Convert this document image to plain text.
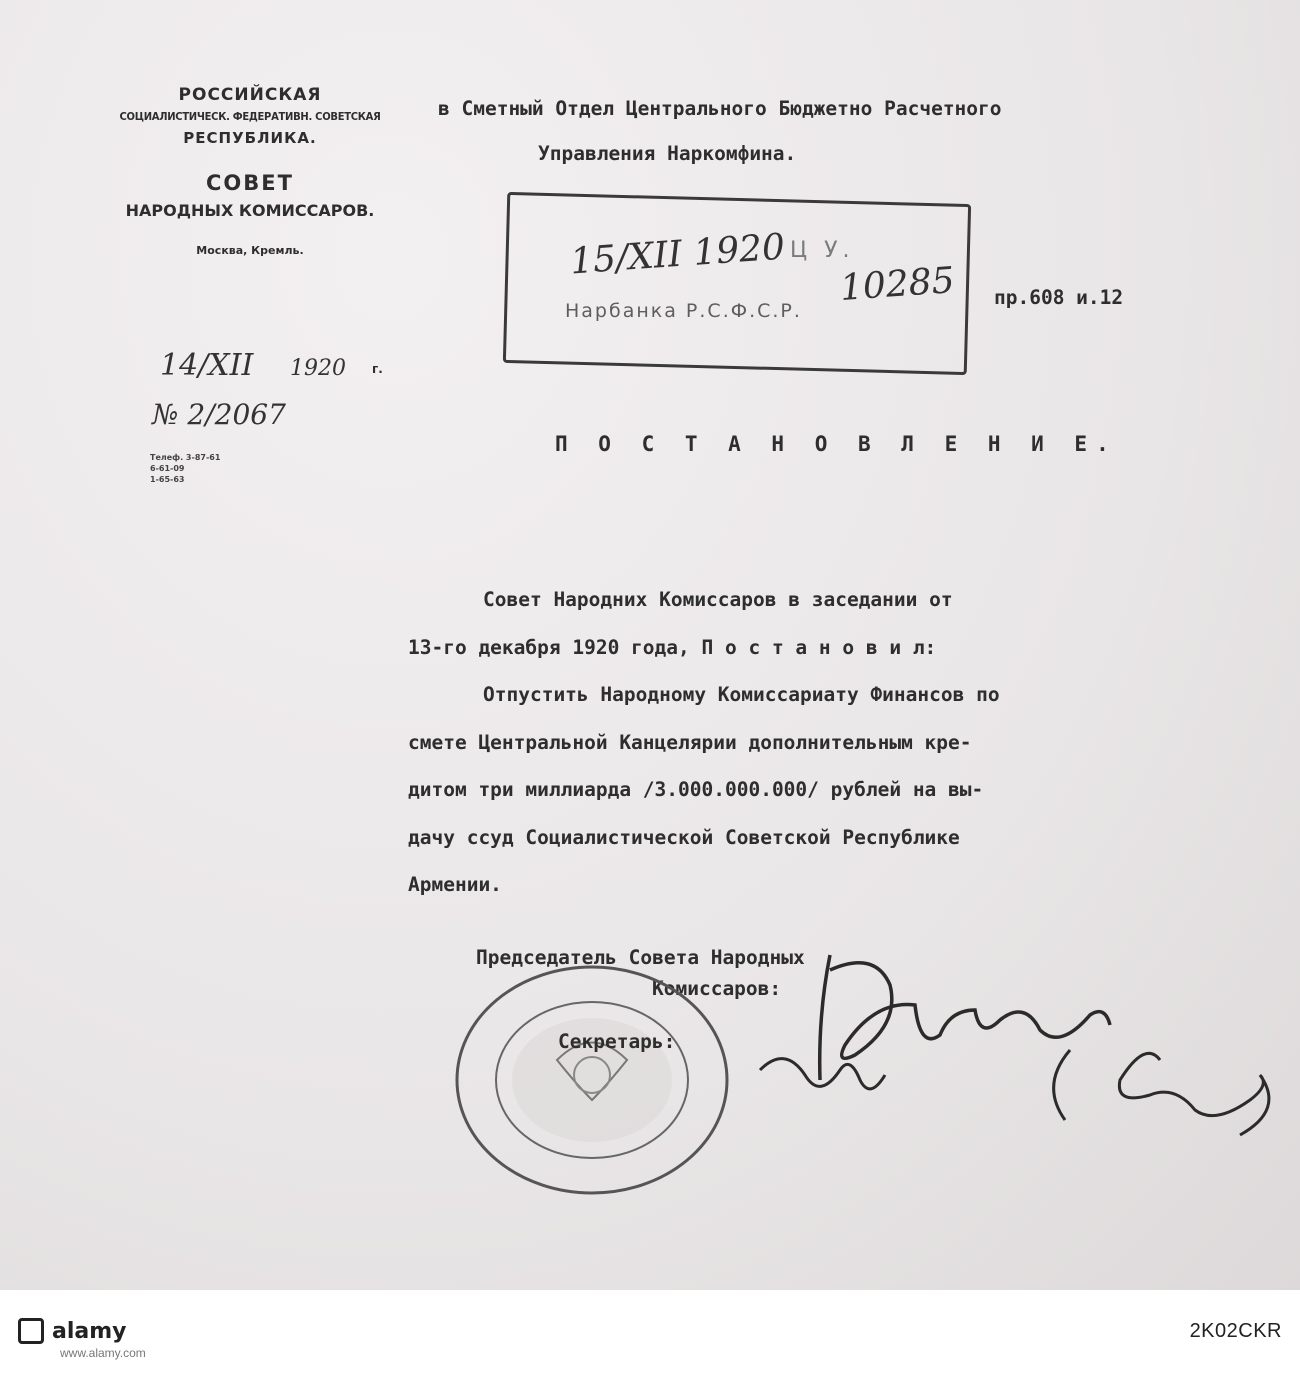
РОССИЙСКАЯ
СОЦИАЛИСТИЧЕСК. ФЕДЕРАТИВН. СОВЕТСКАЯ
РЕСПУБЛИКА.
СОВЕТ
НАРОДНЫХ КОМИССАРОВ.
Москва, Кремль.
14/XII 1920 г.
№ 2/2067
Телеф. 3-87-61
6-61-09
1-65-63
в Сметный Отдел Центрального Бюджетно Расчетного
Управления Наркомфина.
Ц У.
Нарбанка Р.С.Ф.С.Р.
15/XII 1920
10285 пр.608 и.12
П О С Т А Н О В Л Е Н И Е.
Совет Народних Комиссаров в заседании от
13-го декабря 1920 года, П о с т а н о в и л:
Отпустить Народному Комиссариату Финансов по
смете Центральной Канцелярии дополнительным кре-
дитом три миллиарда /3.000.000.000/ рублей на вы-
дачу ссуд Социалистической Советской Республике
Армении.
Председатель Совета Народных
Комиссаров:
Секретарь:
alamy
www.alamy.com
2K02CKR
